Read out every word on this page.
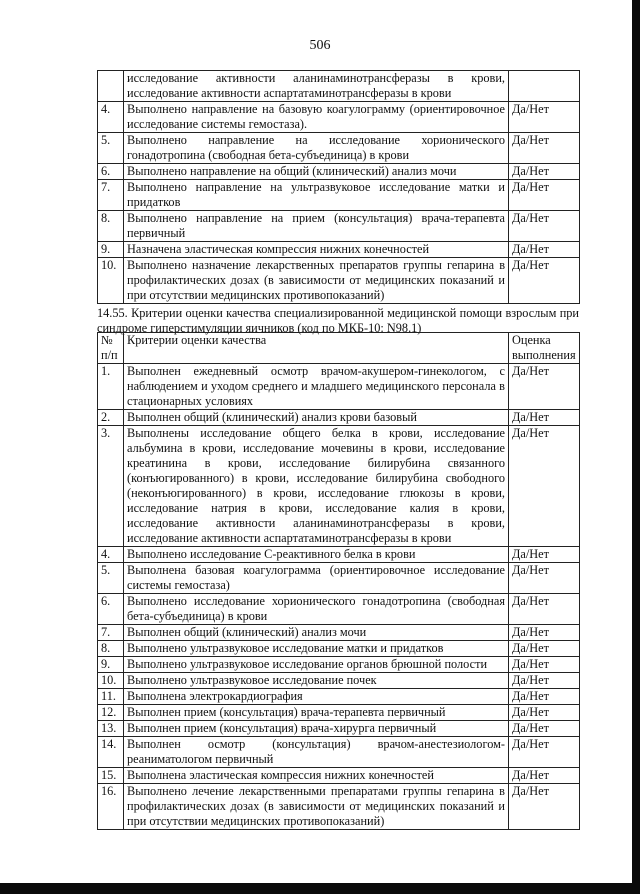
506
	исследование активности аланинаминотрансферазы в крови, исследование активности аспартатаминотрансферазы в крови	
4.	Выполнено направление на базовую коагулограмму (ориентировочное исследование системы гемостаза).	Да/Нет
5.	Выполнено направление на исследование хорионического гонадотропина (свободная бета-субъединица) в крови	Да/Нет
6.	Выполнено направление на общий (клинический) анализ мочи	Да/Нет
7.	Выполнено направление на ультразвуковое исследование матки и придатков	Да/Нет
8.	Выполнено направление на прием (консультация) врача-терапевта первичный	Да/Нет
9.	Назначена эластическая компрессия нижних конечностей	Да/Нет
10.	Выполнено назначение лекарственных препаратов группы гепарина в профилактических дозах (в зависимости от медицинских показаний и при отсутствии медицинских противопоказаний)	Да/Нет
14.55. Критерии оценки качества специализированной медицинской помощи взрослым при синдроме гиперстимуляции яичников (код по МКБ-10: N98.1)
№ п/п	Критерии оценки качества	Оценка выполнения
1.	Выполнен ежедневный осмотр врачом-акушером-гинекологом, с наблюдением и уходом среднего и младшего медицинского персонала в стационарных условиях	Да/Нет
2.	Выполнен общий (клинический) анализ крови базовый	Да/Нет
3.	Выполнены исследование общего белка в крови, исследование альбумина в крови, исследование мочевины в крови, исследование креатинина в крови, исследование билирубина связанного (конъюгированного) в крови, исследование билирубина свободного (неконъюгированного) в крови, исследование глюкозы в крови, исследование натрия в крови, исследование калия в крови, исследование активности аланинаминотрансферазы в крови, исследование активности аспартатаминотрансферазы в крови	Да/Нет
4.	Выполнено исследование С-реактивного белка в крови	Да/Нет
5.	Выполнена базовая коагулограмма (ориентировочное исследование системы гемостаза)	Да/Нет
6.	Выполнено исследование хорионического гонадотропина (свободная бета-субъединица) в крови	Да/Нет
7.	Выполнен общий (клинический) анализ мочи	Да/Нет
8.	Выполнено ультразвуковое исследование матки и придатков	Да/Нет
9.	Выполнено ультразвуковое исследование органов брюшной полости	Да/Нет
10.	Выполнено ультразвуковое исследование почек	Да/Нет
11.	Выполнена электрокардиография	Да/Нет
12.	Выполнен прием (консультация) врача-терапевта первичный	Да/Нет
13.	Выполнен прием (консультация) врача-хирурга первичный	Да/Нет
14.	Выполнен осмотр (консультация) врачом-анестезиологом-реаниматологом первичный	Да/Нет
15.	Выполнена эластическая компрессия нижних конечностей	Да/Нет
16.	Выполнено лечение лекарственными препаратами группы гепарина в профилактических дозах (в зависимости от медицинских показаний и при отсутствии медицинских противопоказаний)	Да/Нет
